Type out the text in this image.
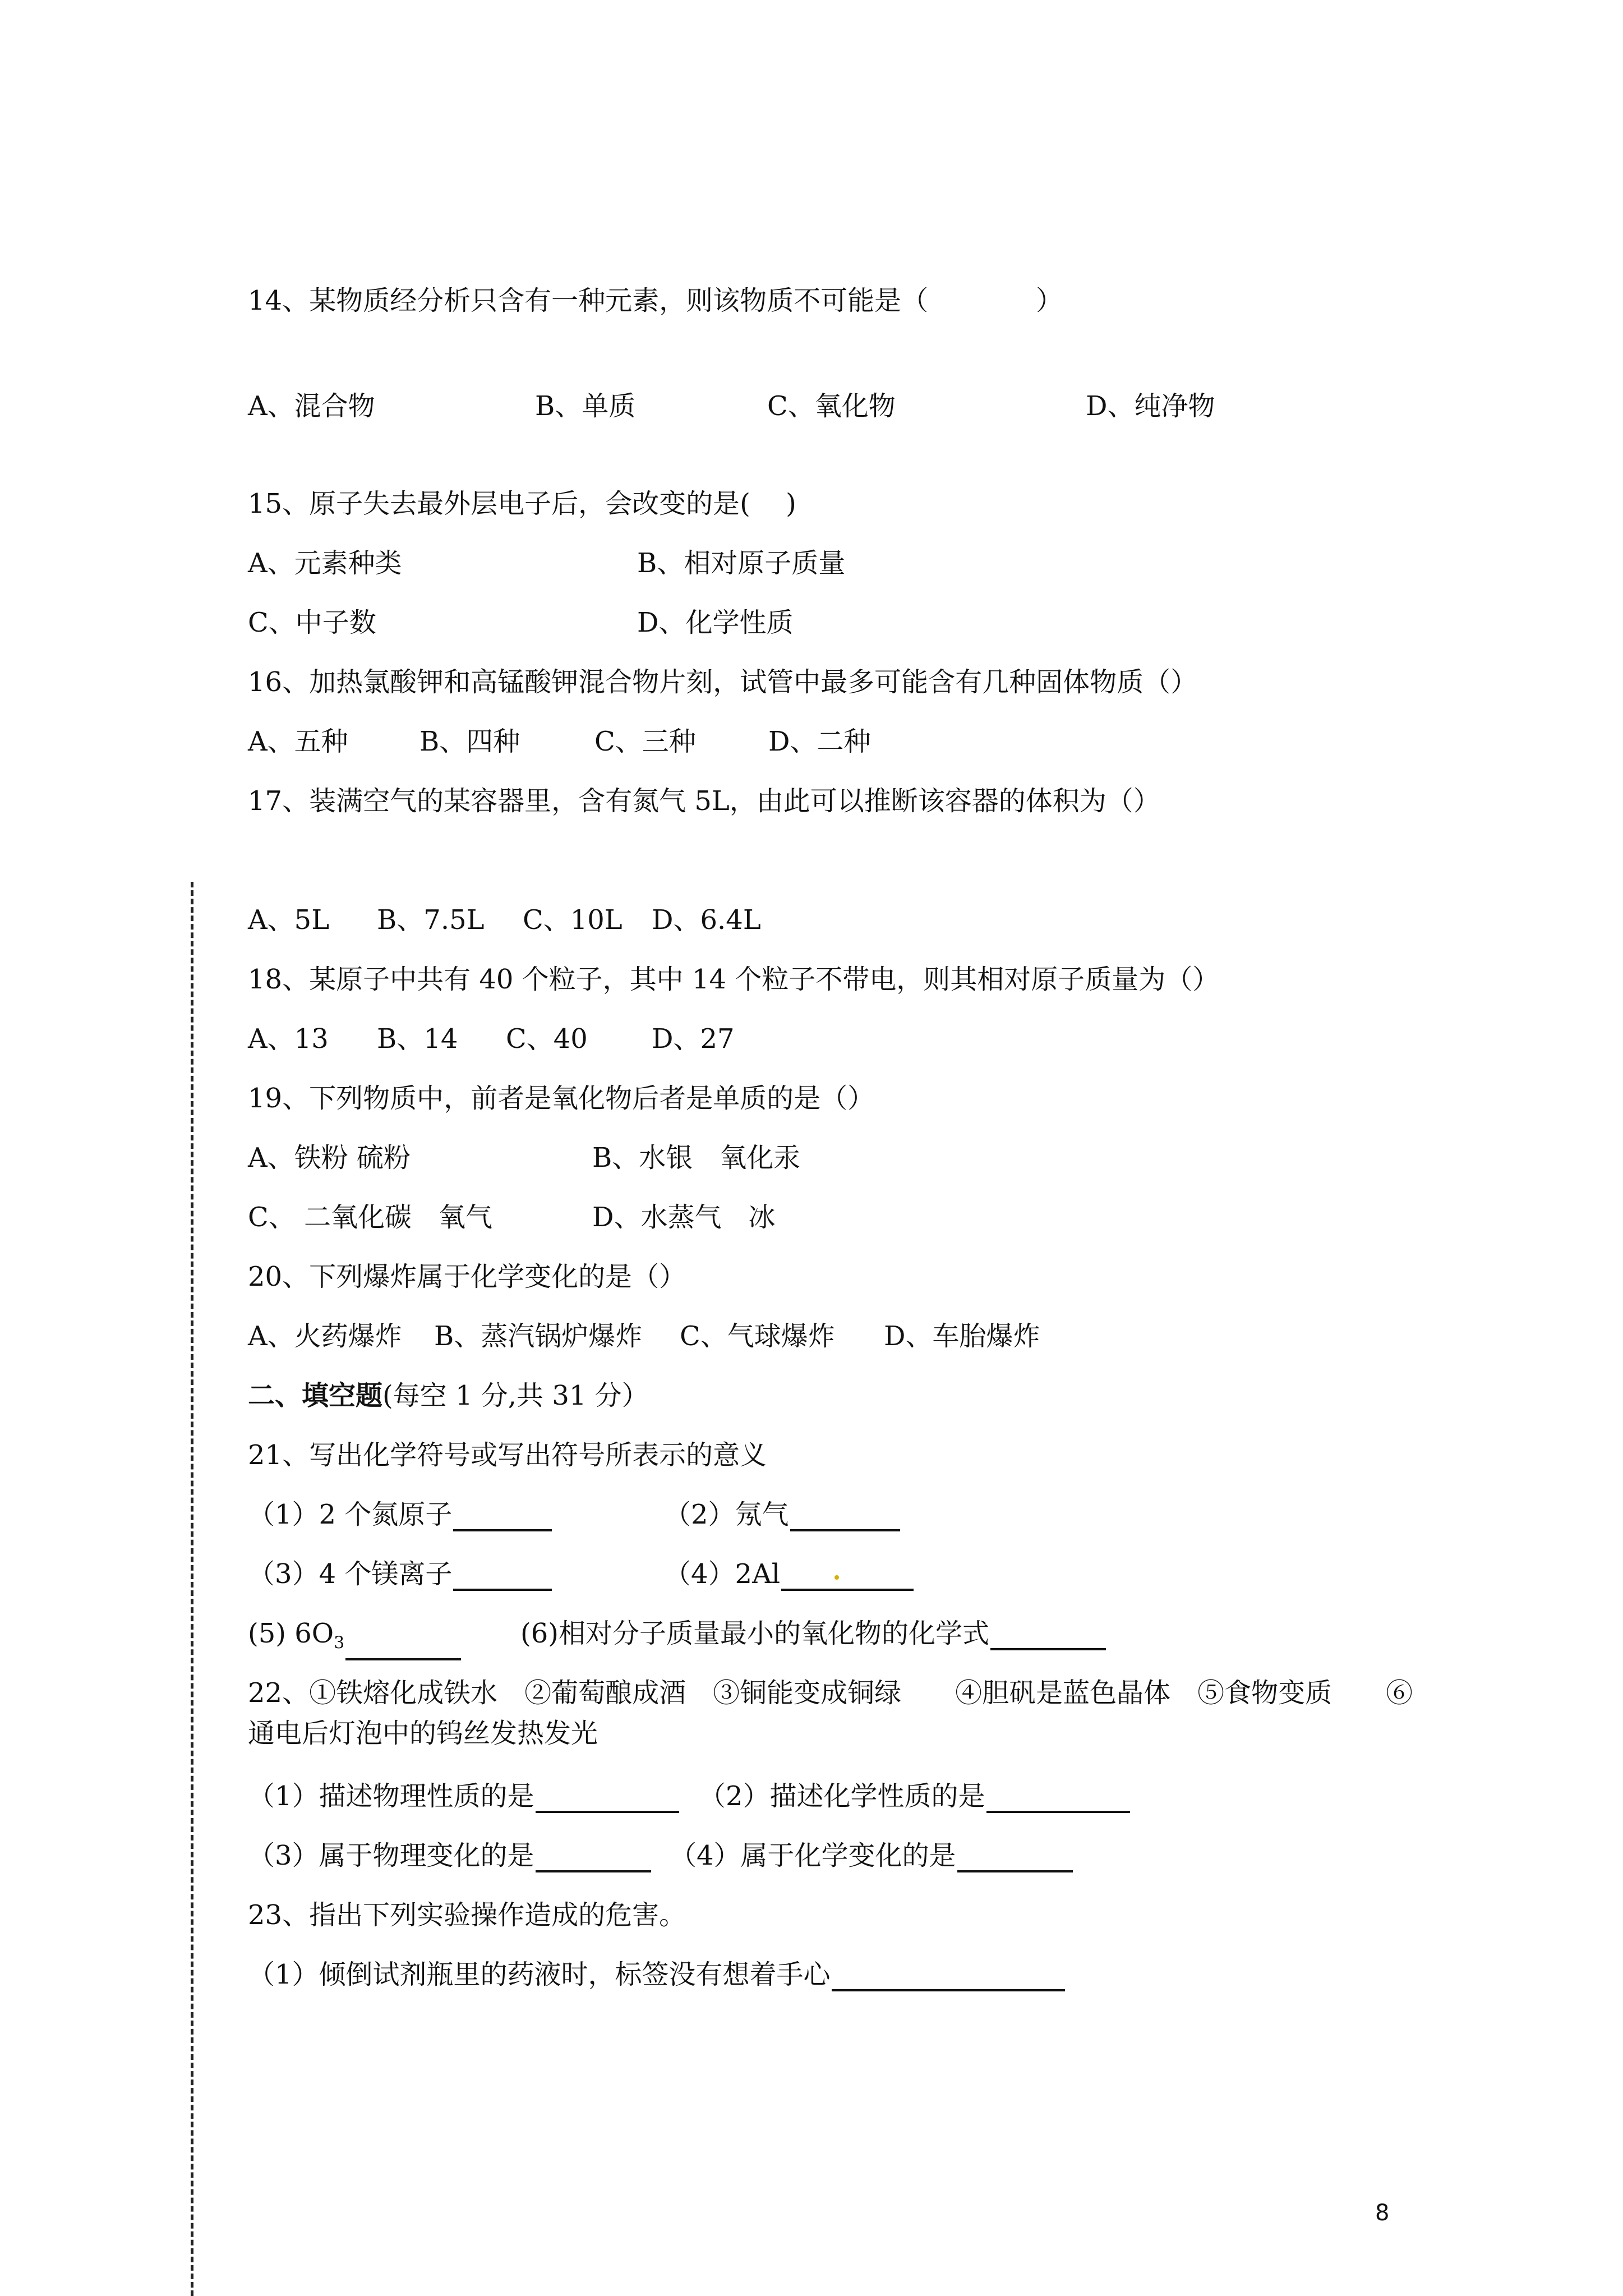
14、某物质经分析只含有一种元素，则该物质不可能是（　　　　）
A、混合物	B、单质	C、氧化物	D、纯净物
15、原子失去最外层电子后，会改变的是(　 )
A、元素种类	B、相对原子质量
C、中子数	D、化学性质
16、加热氯酸钾和高锰酸钾混合物片刻，试管中最多可能含有几种固体物质（）
A、五种	B、四种	C、三种	D、二种
17、装满空气的某容器里，含有氮气 5L，由此可以推断该容器的体积为（）
A、5L B、7.5L C、10L D、6.4L
18、某原子中共有 40 个粒子，其中 14 个粒子不带电，则其相对原子质量为（）
A、13 B、14 C、40 D、27
19、下列物质中，前者是氧化物后者是单质的是（）
A、铁粉 硫粉	B、水银　氧化汞
C、 二氧化碳　氧气	D、水蒸气　冰
20、下列爆炸属于化学变化的是（）
A、火药爆炸 B、蒸汽锅炉爆炸 C、气球爆炸 D、车胎爆炸
二、填空题(每空 1 分,共 31 分）
21、写出化学符号或写出符号所表示的意义
（1）2 个氮原子	（2）氖气
（3）4 个镁离子	（4）2Al
(5) $6O_3$	(6)相对分子质量最小的氧化物的化学式
22、①铁熔化成铁水　②葡萄酿成酒　③铜能变成铜绿　　④胆矾是蓝色晶体　⑤食物变质　　⑥
通电后灯泡中的钨丝发热发光
（1）描述物理性质的是	（2）描述化学性质的是
（3）属于物理变化的是	（4）属于化学变化的是
23、指出下列实验操作造成的危害。
（1）倾倒试剂瓶里的药液时，标签没有想着手心
8
